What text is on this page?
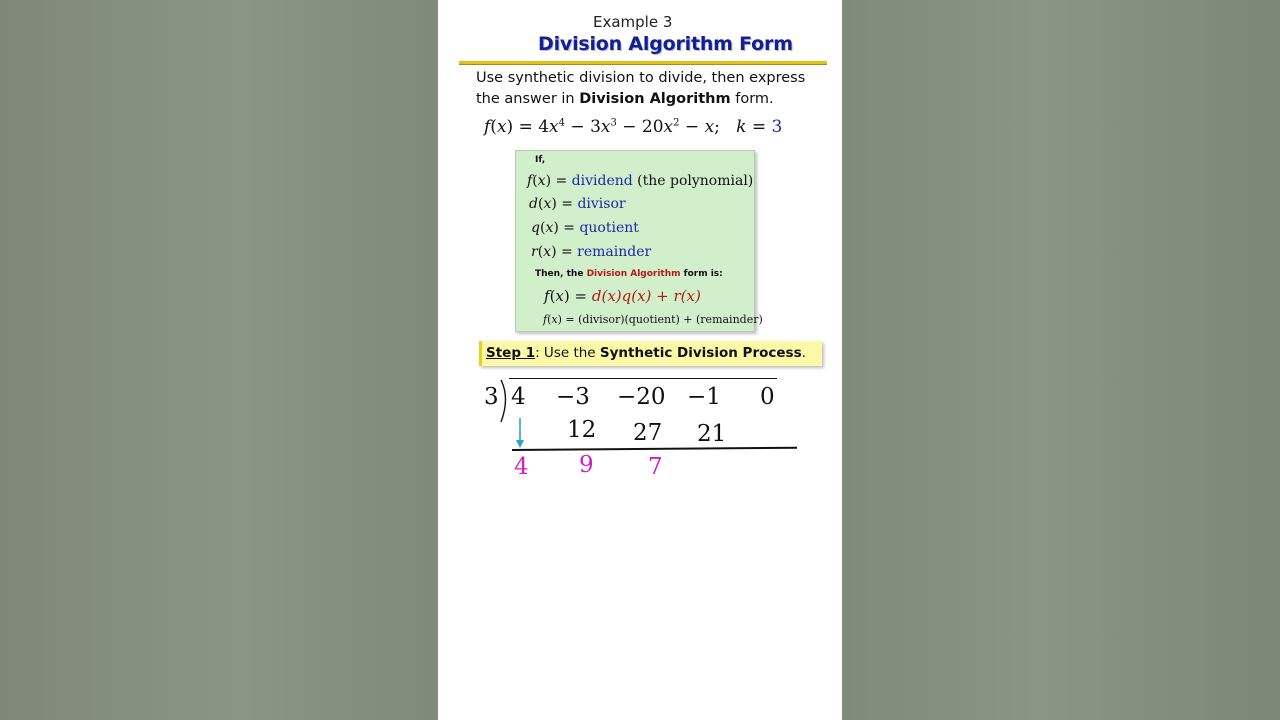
Example 3
Division Algorithm Form
Use synthetic division to divide, then express
the answer in Division Algorithm form.
$f(x) = 4x^4 - 3x^3 - 20x^2 - x$; k = 3
If,
f(x) = dividend (the polynomial)
d(x) = divisor
q(x) = quotient
r(x) = remainder
Then, the Division Algorithm form is:
f(x) = d(x)q(x) + r(x)
f(x) = (divisor)(quotient) + (remainder)
Step 1: Use the Synthetic Division Process.
3 4 −3 −20 −1 0
12 27 21
4 9 7
